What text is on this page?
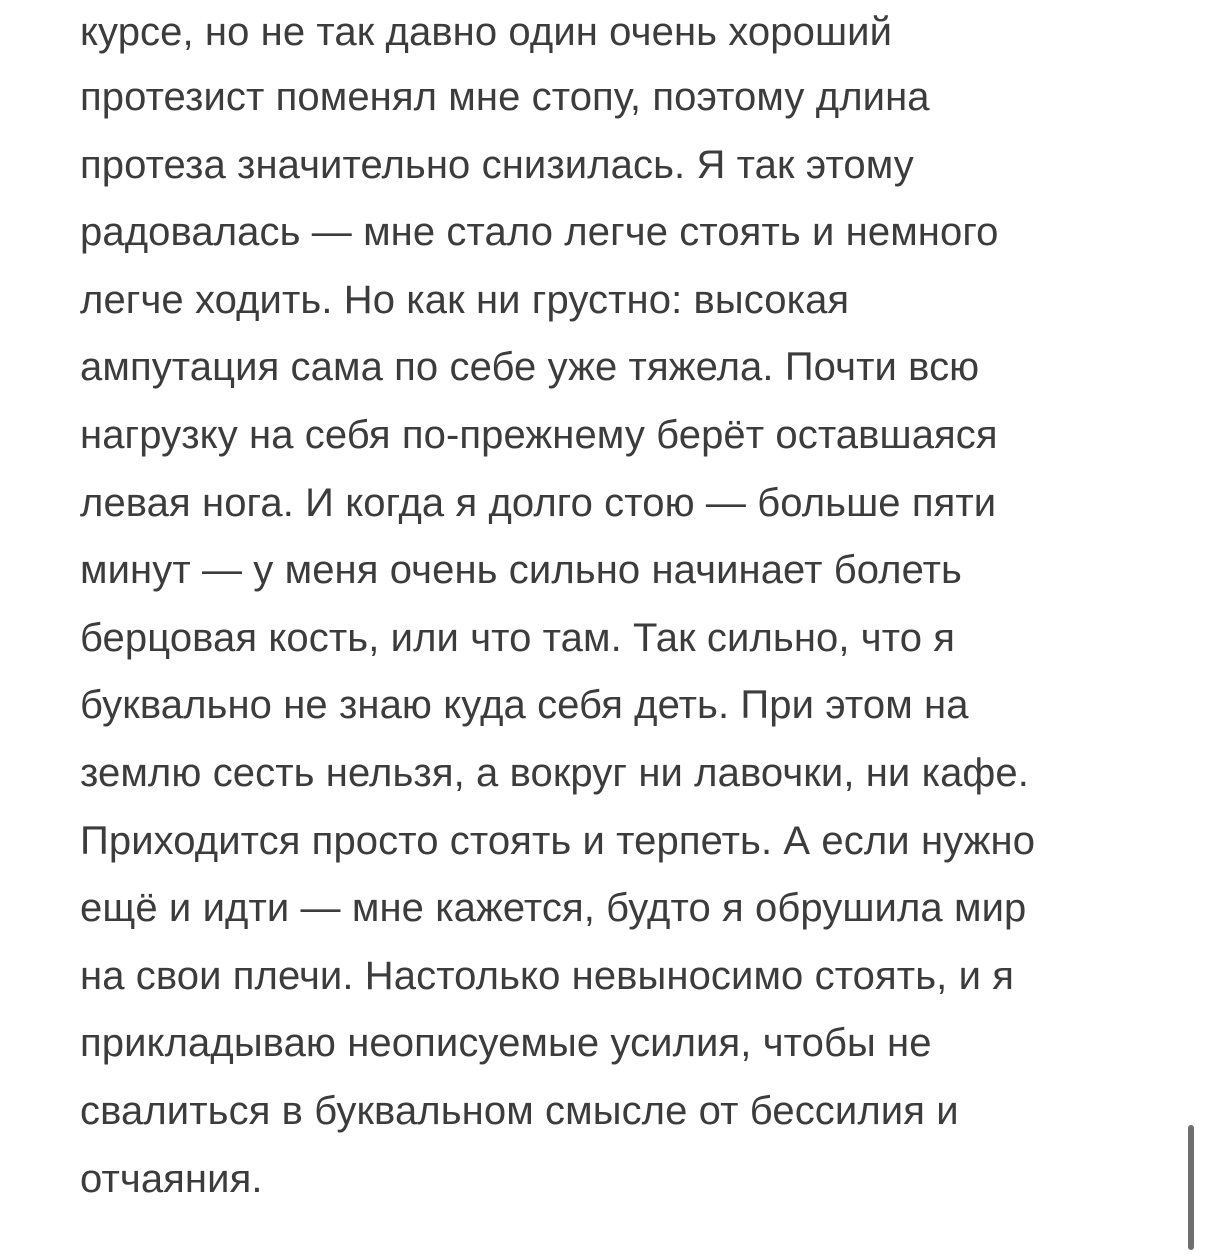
курсе, но не так давно один очень хороший
протезист поменял мне стопу, поэтому длина
протеза значительно снизилась. Я так этому
радовалась — мне стало легче стоять и немного
легче ходить. Но как ни грустно: высокая
ампутация сама по себе уже тяжела. Почти всю
нагрузку на себя по-прежнему берёт оставшаяся
левая нога. И когда я долго стою — больше пяти
минут — у меня очень сильно начинает болеть
берцовая кость, или что там. Так сильно, что я
буквально не знаю куда себя деть. При этом на
землю сесть нельзя, а вокруг ни лавочки, ни кафе.
Приходится просто стоять и терпеть. А если нужно
ещё и идти — мне кажется, будто я обрушила мир
на свои плечи. Настолько невыносимо стоять, и я
прикладываю неописуемые усилия, чтобы не
свалиться в буквальном смысле от бессилия и
отчаяния.
